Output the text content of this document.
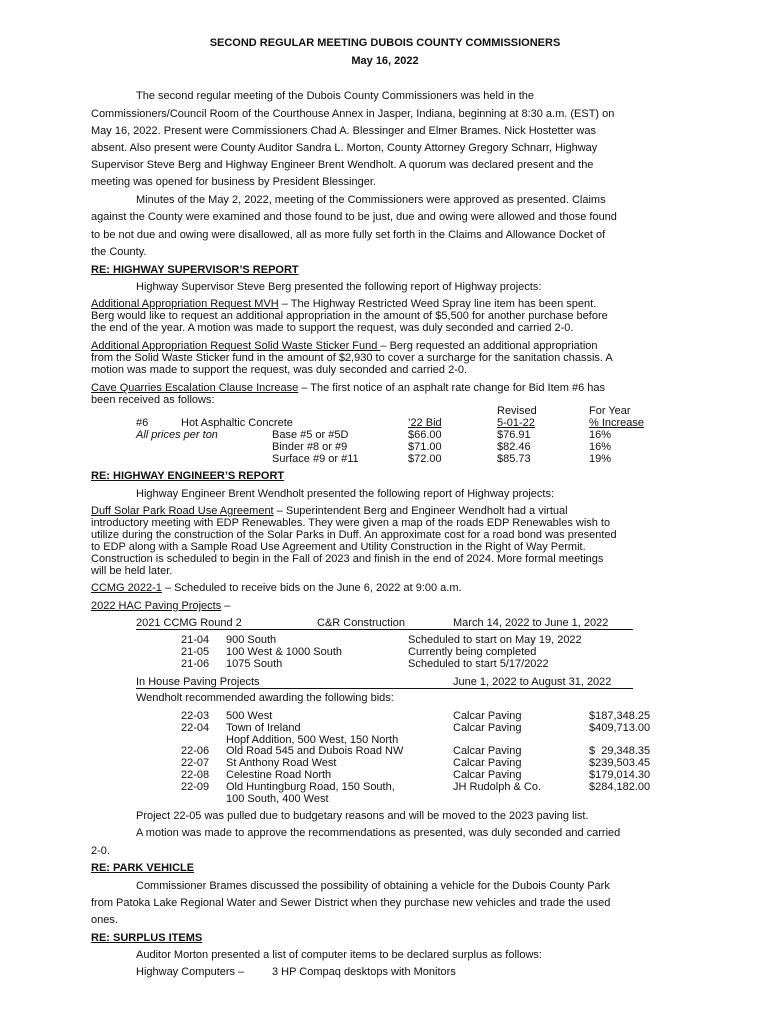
SECOND REGULAR MEETING DUBOIS COUNTY COMMISSIONERS
May 16, 2022
The second regular meeting of the Dubois County Commissioners was held in the
Commissioners/Council Room of the Courthouse Annex in Jasper, Indiana, beginning at 8:30 a.m. (EST) on
May 16, 2022. Present were Commissioners Chad A. Blessinger and Elmer Brames. Nick Hostetter was
absent. Also present were County Auditor Sandra L. Morton, County Attorney Gregory Schnarr, Highway
Supervisor Steve Berg and Highway Engineer Brent Wendholt. A quorum was declared present and the
meeting was opened for business by President Blessinger.
Minutes of the May 2, 2022, meeting of the Commissioners were approved as presented. Claims
against the County were examined and those found to be just, due and owing were allowed and those found
to be not due and owing were disallowed, all as more fully set forth in the Claims and Allowance Docket of
the County.
RE: HIGHWAY SUPERVISOR’S REPORT
Highway Supervisor Steve Berg presented the following report of Highway projects:
Additional Appropriation Request MVH – The Highway Restricted Weed Spray line item has been spent.
Berg would like to request an additional appropriation in the amount of $5,500 for another purchase before
the end of the year. A motion was made to support the request, was duly seconded and carried 2-0.
Additional Appropriation Request Solid Waste Sticker Fund – Berg requested an additional appropriation
from the Solid Waste Sticker fund in the amount of $2,930 to cover a surcharge for the sanitation chassis. A
motion was made to support the request, was duly seconded and carried 2-0.
Cave Quarries Escalation Clause Increase – The first notice of an asphalt rate change for Bid Item #6 has
been received as follows:
Revised	For Year
#6	Hot Asphaltic Concrete	’22 Bid	5-01-22	% Increase
All prices per ton	Base #5 or #5D	$66.00	$76.91	16%
Binder #8 or #9	$71.00	$82.46	16%
Surface #9 or #11	$72.00	$85.73	19%
RE: HIGHWAY ENGINEER’S REPORT
Highway Engineer Brent Wendholt presented the following report of Highway projects:
Duff Solar Park Road Use Agreement – Superintendent Berg and Engineer Wendholt had a virtual
introductory meeting with EDP Renewables. They were given a map of the roads EDP Renewables wish to
utilize during the construction of the Solar Parks in Duff. An approximate cost for a road bond was presented
to EDP along with a Sample Road Use Agreement and Utility Construction in the Right of Way Permit.
Construction is scheduled to begin in the Fall of 2023 and finish in the end of 2024. More formal meetings
will be held later.
CCMG 2022-1 – Scheduled to receive bids on the June 6, 2022 at 9:00 a.m.
2022 HAC Paving Projects –
2021 CCMG Round 2	C&R Construction	March 14, 2022 to June 1, 2022
21-04 900 South	Scheduled to start on May 19, 2022
21-05 100 West & 1000 South	Currently being completed
21-06 1075 South	Scheduled to start 5/17/2022
In House Paving Projects	June 1, 2022 to August 31, 2022
Wendholt recommended awarding the following bids:
22-03 500 West	Calcar Paving	$187,348.25
22-04 Town of Ireland
Hopf Addition, 500 West, 150 North
Calcar Paving	$409,713.00
22-06 Old Road 545 and Dubois Road NW	Calcar Paving	$  29,348.35
22-07 St Anthony Road West	Calcar Paving	$239,503.45
22-08 Celestine Road North	Calcar Paving	$179,014.30
22-09 Old Huntingburg Road, 150 South,
100 South, 400 West
JH Rudolph & Co.	$284,182.00
Project 22-05 was pulled due to budgetary reasons and will be moved to the 2023 paving list.
A motion was made to approve the recommendations as presented, was duly seconded and carried
2-0.
RE: PARK VEHICLE
Commissioner Brames discussed the possibility of obtaining a vehicle for the Dubois County Park
from Patoka Lake Regional Water and Sewer District when they purchase new vehicles and trade the used
ones.
RE: SURPLUS ITEMS
Auditor Morton presented a list of computer items to be declared surplus as follows:
Highway Computers –	3 HP Compaq desktops with Monitors
